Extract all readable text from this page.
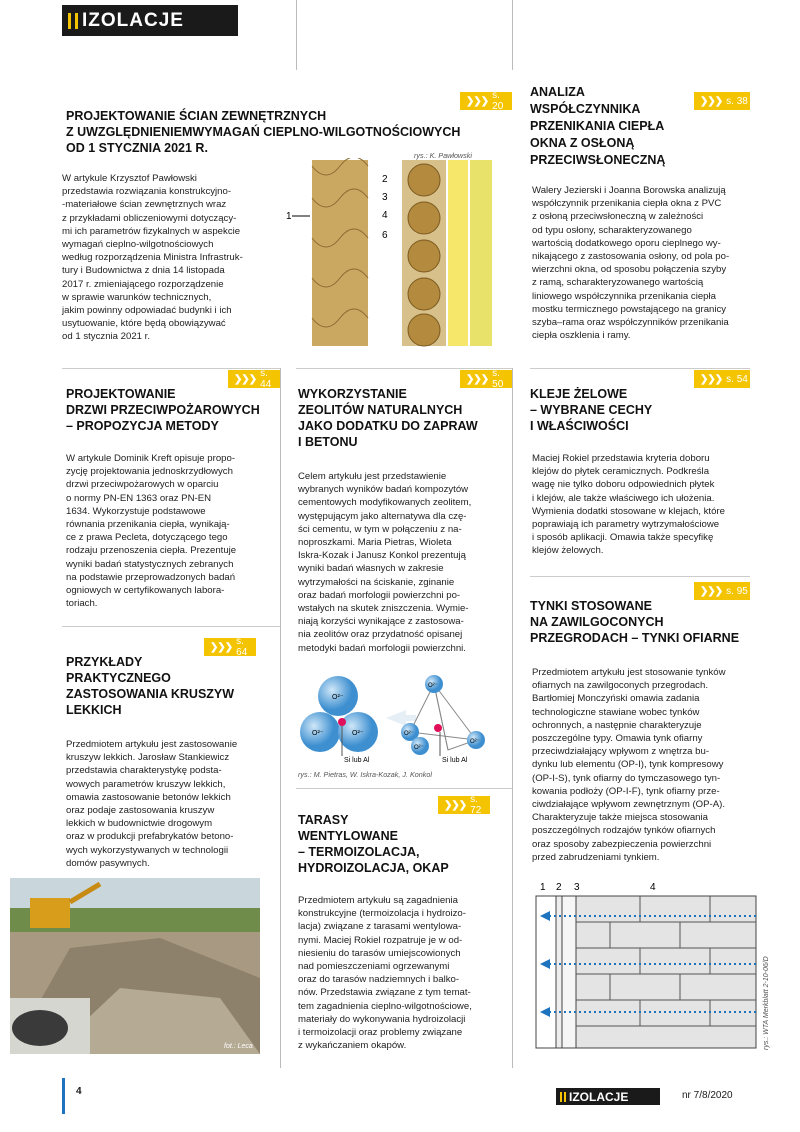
IZOLACJE
❯❯❯ s. 20
PROJEKTOWANIE ŚCIAN ZEWNĘTRZNYCH
Z UWZGLĘDNIENIEMWYMAGAŃ CIEPLNO-WILGOTNOŚCIOWYCH
OD 1 STYCZNIA 2021 R.
W artykule Krzysztof Pawłowski
przedstawia rozwiązania konstrukcyjno-
-materiałowe ścian zewnętrznych wraz
z przykładami obliczeniowymi dotyczący-
mi ich parametrów fizykalnych w aspekcie
wymagań cieplno-wilgotnościowych
według rozporządzenia Ministra Infrastruk-
tury i Budownictwa z dnia 14 listopada
2017 r. zmieniającego rozporządzenie
w sprawie warunków technicznych,
jakim powinny odpowiadać budynki i ich
usytuowanie, które będą obowiązywać
od 1 stycznia 2021 r.
rys.: K. Pawłowski
1
2
3
4
6
❯❯❯ s. 38
ANALIZA
WSPÓŁCZYNNIKA
PRZENIKANIA CIEPŁA
OKNA Z OSŁONĄ
PRZECIWSŁONECZNĄ
Walery Jezierski i Joanna Borowska analizują
współczynnik przenikania ciepła okna z PVC
z osłoną przeciwsłoneczną w zależności
od typu osłony, scharakteryzowanego
wartością dodatkowego oporu cieplnego wy-
nikającego z zastosowania osłony, od pola po-
wierzchni okna, od sposobu połączenia szyby
z ramą, scharakteryzowanego wartością
liniowego współczynnika przenikania ciepła
mostku termicznego powstającego na granicy
szyba–rama oraz współczynników przenikania
ciepła oszklenia i ramy.
❯❯❯ s. 44
PROJEKTOWANIE
DRZWI PRZECIWPOŻAROWYCH
– PROPOZYCJA METODY
W artykule Dominik Kreft opisuje propo-
zycję projektowania jednoskrzydłowych
drzwi przeciwpożarowych w oparciu
o normy PN-EN 1363 oraz PN-EN
1634. Wykorzystuje podstawowe
równania przenikania ciepła, wynikają-
ce z prawa Pecleta, dotyczącego tego
rodzaju przenoszenia ciepła. Prezentuje
wyniki badań statystycznych zebranych
na podstawie przeprowadzonych badań
ogniowych w certyfikowanych labora-
toriach.
❯❯❯ s. 50
WYKORZYSTANIE
ZEOLITÓW NATURALNYCH
JAKO DODATKU DO ZAPRAW
I BETONU
Celem artykułu jest przedstawienie
wybranych wyników badań kompozytów
cementowych modyfikowanych zeolitem,
występującym jako alternatywa dla czę-
ści cementu, w tym w połączeniu z na-
noproszkami. Maria Pietras, Wioleta
Iskra-Kozak i Janusz Konkol prezentują
wyniki badań własnych w zakresie
wytrzymałości na ściskanie, zginanie
oraz badań morfologii powierzchni po-
wstałych na skutek zniszczenia. Wymie-
niają korzyści wynikające z zastosowa-
nia zeolitów oraz przydatność opisanej
metodyki badań morfologii powierzchni.
O²⁻
O²⁻	O²⁻
Si lub Al
O²⁻
O²⁻
O²⁻
O²⁻
Si lub Al
rys.: M. Pietras, W. Iskra-Kozak, J. Konkol
❯❯❯ s. 54
KLEJE ŻELOWE
– WYBRANE CECHY
I WŁAŚCIWOŚCI
Maciej Rokiel przedstawia kryteria doboru
klejów do płytek ceramicznych. Podkreśla
wagę nie tylko doboru odpowiednich płytek
i klejów, ale także właściwego ich ułożenia.
Wymienia dodatki stosowane w klejach, które
poprawiają ich parametry wytrzymałościowe
i sposób aplikacji. Omawia także specyfikę
klejów żelowych.
❯❯❯ s. 64
PRZYKŁADY
PRAKTYCZNEGO
ZASTOSOWANIA KRUSZYW
LEKKICH
Przedmiotem artykułu jest zastosowanie
kruszyw lekkich. Jarosław Stankiewicz
przedstawia charakterystykę podsta-
wowych parametrów kruszyw lekkich,
omawia zastosowanie betonów lekkich
oraz podaje zastosowania kruszyw
lekkich w budownictwie drogowym
oraz w produkcji prefabrykatów betono-
wych wykorzystywanych w technologii
domów pasywnych.
fot.: Leca
❯❯❯ s. 72
TARASY
WENTYLOWANE
– TERMOIZOLACJA,
HYDROIZOLACJA, OKAP
Przedmiotem artykułu są zagadnienia
konstrukcyjne (termoizolacja i hydroizo-
lacja) związane z tarasami wentylowa-
nymi. Maciej Rokiel rozpatruje je w od-
niesieniu do tarasów umiejscowionych
nad pomieszczeniami ogrzewanymi
oraz do tarasów nadziemnych i balko-
nów. Przedstawia związane z tym temat-
tem zagadnienia cieplno-wilgotnościowe,
materiały do wykonywania hydroizolacji
i termoizolacji oraz problemy związane
z wykańczaniem okapów.
❯❯❯ s. 95
TYNKI STOSOWANE
NA ZAWILGOCONYCH
PRZEGRODACH – TYNKI OFIARNE
Przedmiotem artykułu jest stosowanie tynków
ofiarnych na zawilgoconych przegrodach.
Bartłomiej Monczyński omawia zadania
technologiczne stawiane wobec tynków
ochronnych, a następnie charakteryzuje
poszczególne typy. Omawia tynk ofiarny
przeciwdziałający wpływom z wnętrza bu-
dynku lub elementu (OP-I), tynk kompresowy
(OP-I-S), tynk ofiarny do tymczasowego tyn-
kowania podłoży (OP-I-F), tynk ofiarny prze-
ciwdziałające wpływom zewnętrznym (OP-A).
Charakteryzuje także miejsca stosowania
poszczególnych rodzajów tynków ofiarnych
oraz sposoby zabezpieczenia powierzchni
przed zabrudzeniami tynkiem.
1 2 3	4
rys.: WTA Merkblatt 2-10-06/D
4	IZOLACJE	nr 7/8/2020
